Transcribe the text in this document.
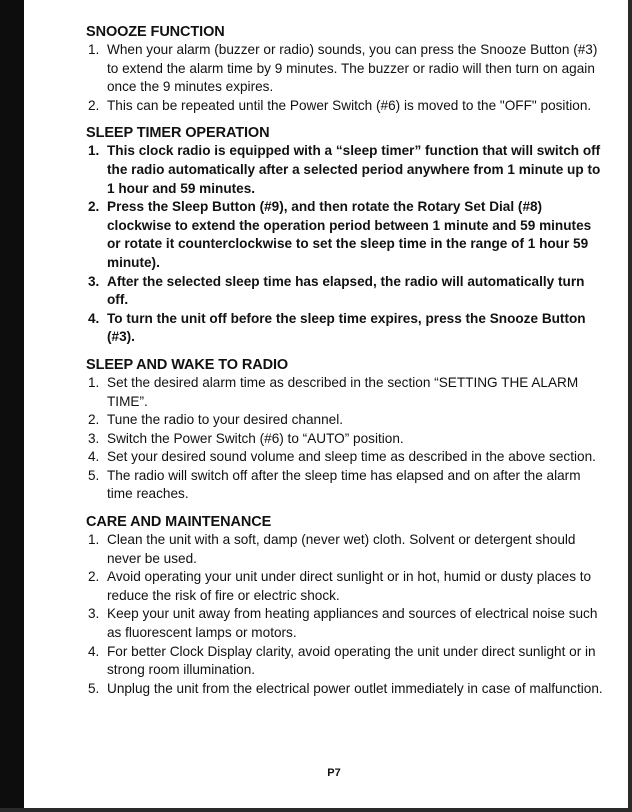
SNOOZE FUNCTION
1. When your alarm (buzzer or radio) sounds, you can press the Snooze Button (#3) to extend the alarm time by 9 minutes. The buzzer or radio will then turn on again once the 9 minutes expires.
2. This can be repeated until the Power Switch (#6) is moved to the "OFF" position.
SLEEP TIMER OPERATION
1. This clock radio is equipped with a “sleep timer” function that will switch off the radio automatically after a selected period anywhere from 1 minute up to 1 hour and 59 minutes.
2. Press the Sleep Button (#9), and then rotate the Rotary Set Dial (#8) clockwise to extend the operation period between 1 minute and 59 minutes or rotate it counterclockwise to set the sleep time in the range of 1 hour 59 minute).
3. After the selected sleep time has elapsed, the radio will automatically turn off.
4. To turn the unit off before the sleep time expires, press the Snooze Button (#3).
SLEEP AND WAKE TO RADIO
1. Set the desired alarm time as described in the section “SETTING THE ALARM TIME”.
2. Tune the radio to your desired channel.
3. Switch the Power Switch (#6) to “AUTO” position.
4. Set your desired sound volume and sleep time as described in the above section.
5. The radio will switch off after the sleep time has elapsed and on after the alarm time reaches.
CARE AND MAINTENANCE
1. Clean the unit with a soft, damp (never wet) cloth. Solvent or detergent should never be used.
2. Avoid operating your unit under direct sunlight or in hot, humid or dusty places to reduce the risk of fire or electric shock.
3. Keep your unit away from heating appliances and sources of electrical noise such as fluorescent lamps or motors.
4. For better Clock Display clarity, avoid operating the unit under direct sunlight or in strong room illumination.
5. Unplug the unit from the electrical power outlet immediately in case of malfunction.
P7
